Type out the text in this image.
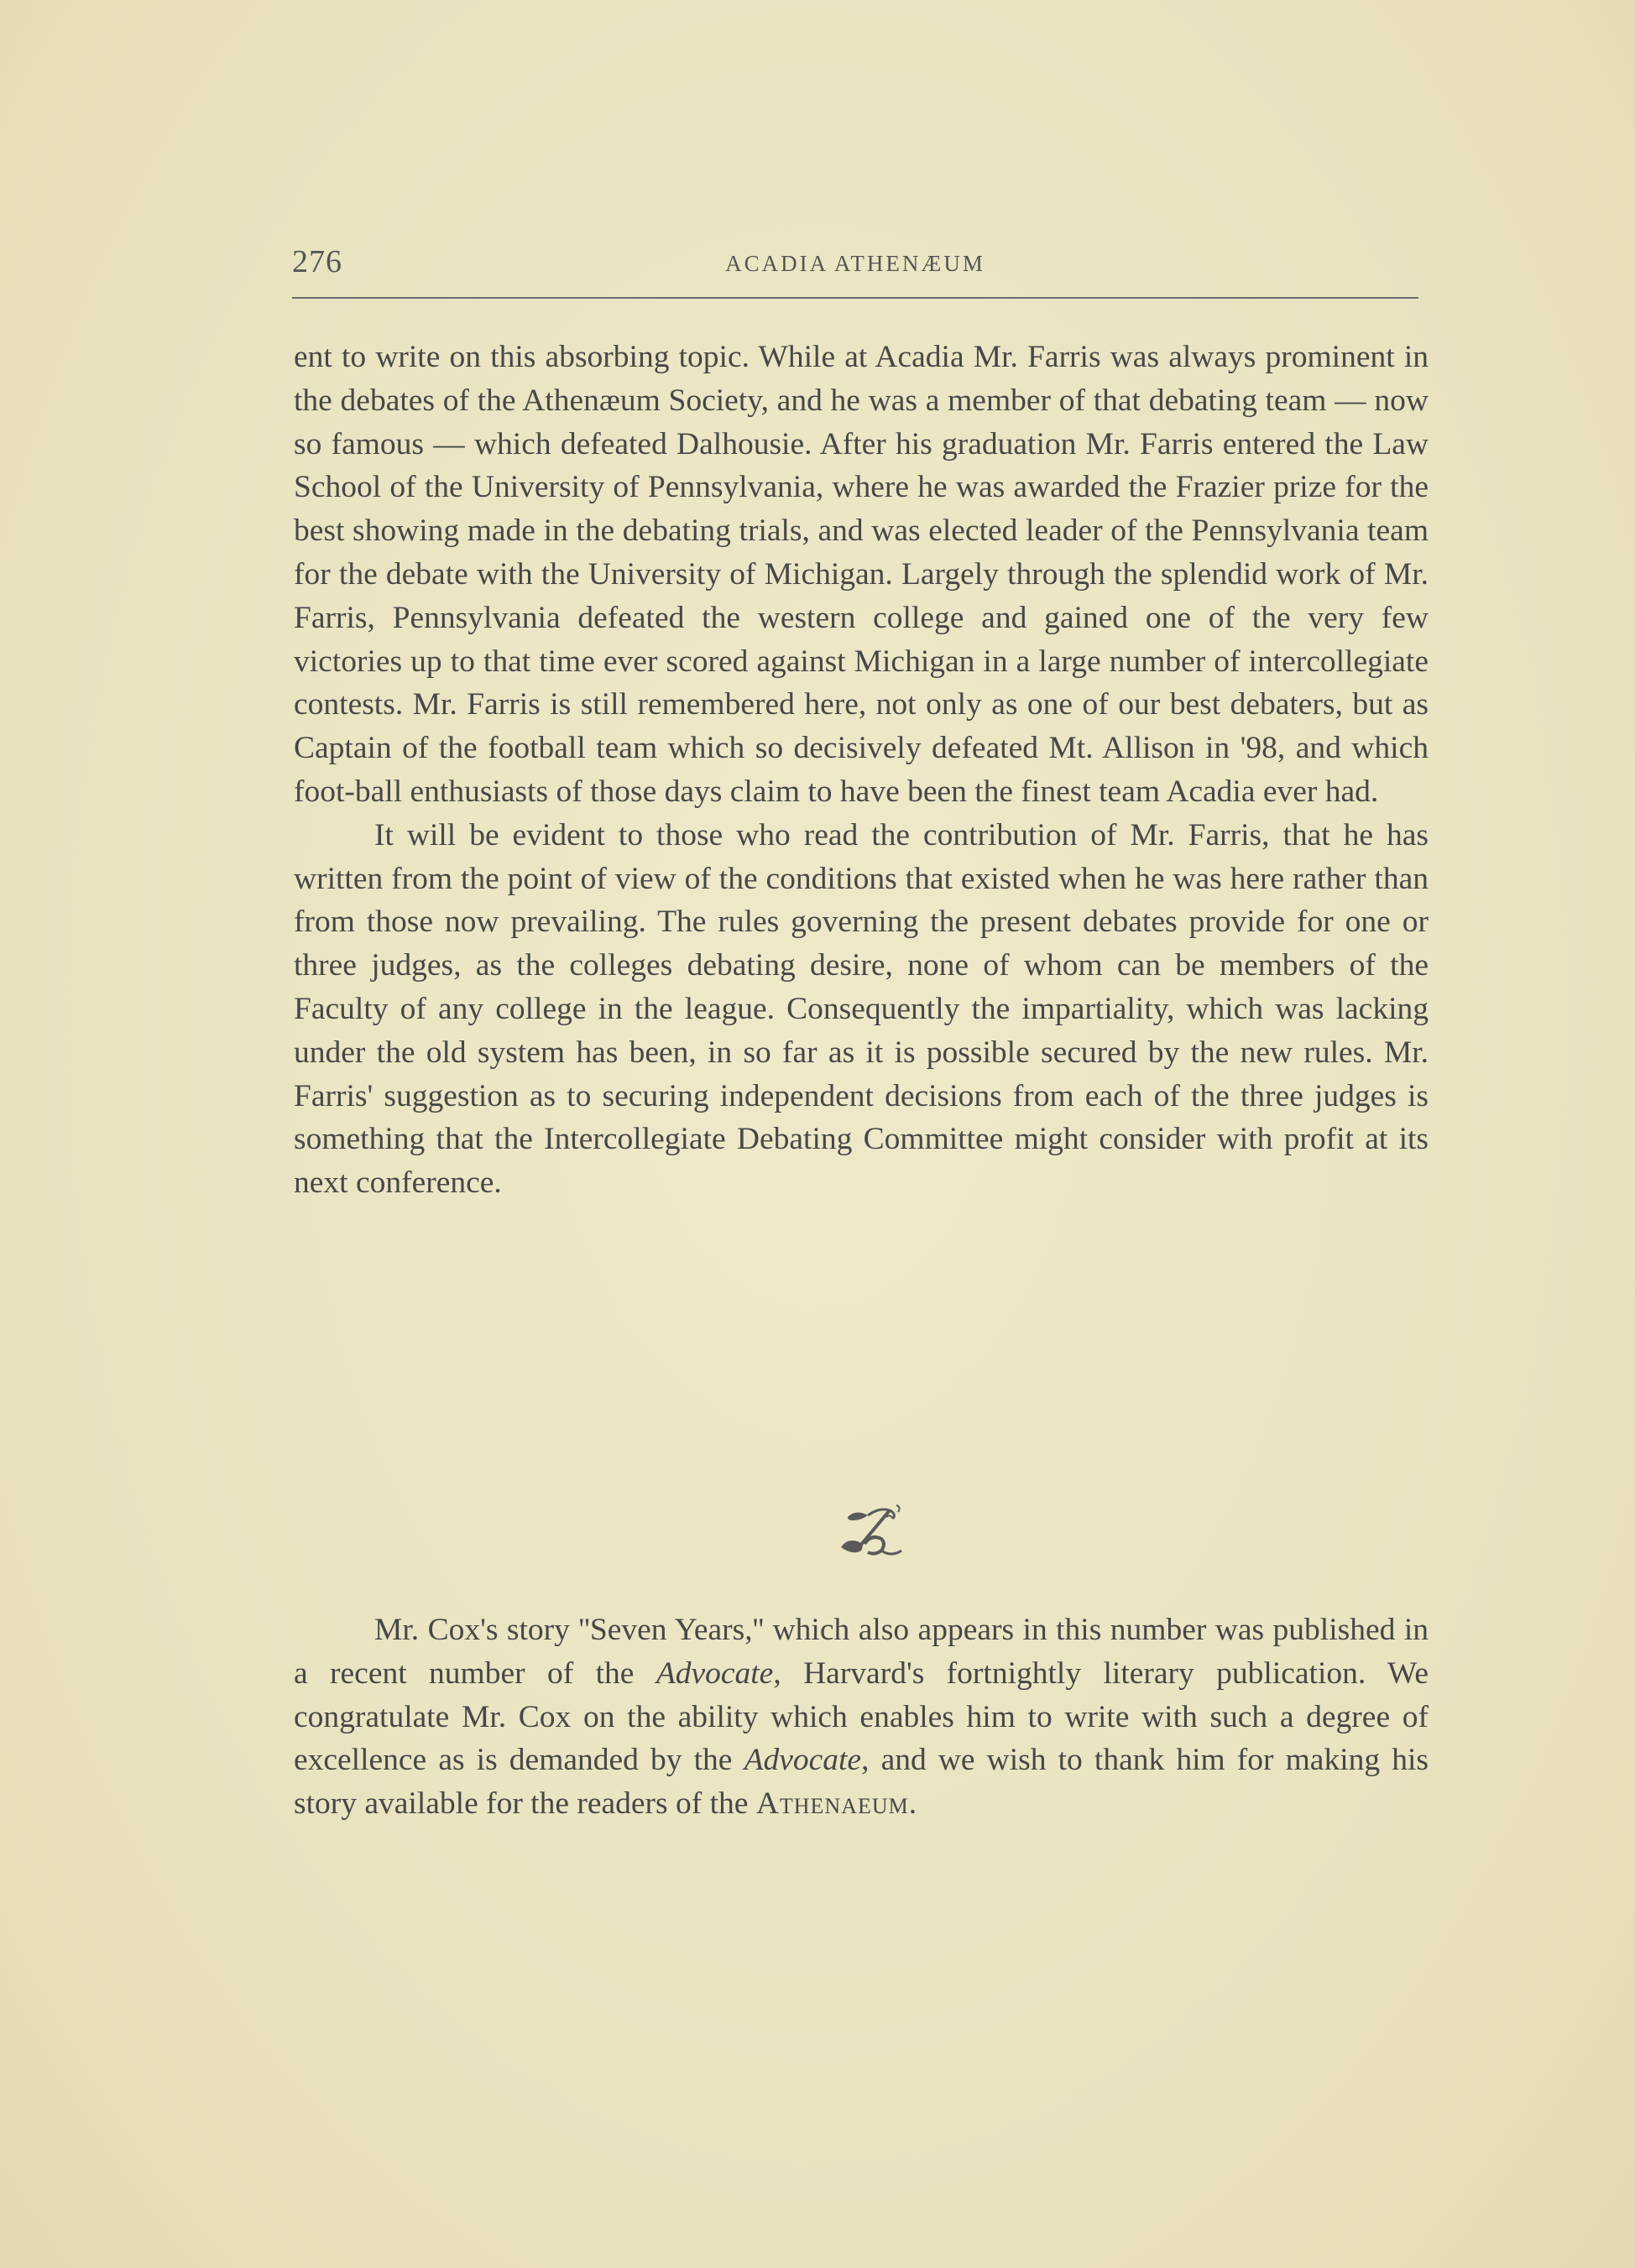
276	ACADIA ATHENÆUM

ent to write on this absorbing topic. While at Acadia Mr. Farris was always prominent in the debates of the Athenæum Society, and he was a member of that debating team — now so famous — which defeated Dalhousie. After his graduation Mr. Farris entered the Law School of the University of Pennsylvania, where he was awarded the Frazier prize for the best showing made in the debating trials, and was elected leader of the Pennsylvania team for the debate with the University of Michigan. Largely through the splendid work of Mr. Farris, Pennsylvania defeated the western college and gained one of the very few victories up to that time ever scored against Michigan in a large number of intercollegiate contests. Mr. Farris is still remembered here, not only as one of our best debaters, but as Captain of the football team which so decisively defeated Mt. Allison in '98, and which foot-ball enthusiasts of those days claim to have been the finest team Acadia ever had.

It will be evident to those who read the contribution of Mr. Farris, that he has written from the point of view of the conditions that existed when he was here rather than from those now prevailing. The rules governing the present debates provide for one or three judges, as the colleges debating desire, none of whom can be members of the Faculty of any college in the league. Consequently the impartiality, which was lacking under the old system has been, in so far as it is possible secured by the new rules. Mr. Farris' suggestion as to securing independent decisions from each of the three judges is something that the Intercollegiate Debating Committee might consider with profit at its next conference.

Mr. Cox's story ''Seven Years,'' which also appears in this number was published in a recent number of the Advocate, Harvard's fortnightly literary publication. We congratulate Mr. Cox on the ability which enables him to write with such a degree of excellence as is demanded by the Advocate, and we wish to thank him for making his story available for the readers of the Athenaeum.
